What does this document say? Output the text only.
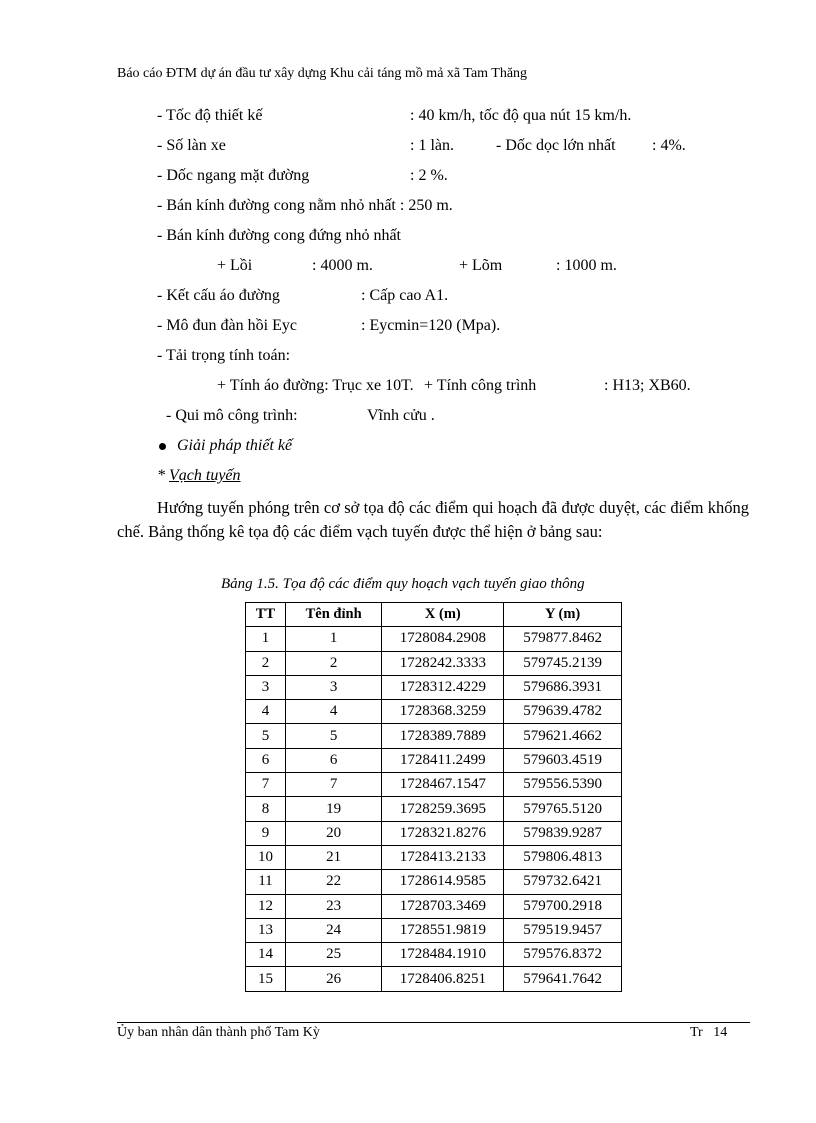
Báo cáo ĐTM dự án đầu tư xây dựng Khu cải táng mồ mả xã Tam Thăng
- Tốc độ thiết kế	: 40 km/h, tốc độ qua nút 15 km/h.
- Số làn xe	: 1 làn.	- Dốc dọc lớn nhất : 4%.
- Dốc ngang mặt đường	: 2 %.
- Bán kính đường cong nằm nhỏ nhất : 250 m.
- Bán kính đường cong đứng nhỏ nhất
+ Lồi	: 4000 m.	+ Lõm	: 1000 m.
- Kết cấu áo đường	: Cấp cao A1.
- Mô đun đàn hồi Eyc	: Eycmin=120 (Mpa).
- Tải trọng tính toán:
+ Tính áo đường: Trục xe 10T. + Tính công trình	: H13; XB60.
- Qui mô công trình:	Vĩnh cửu .
Giải pháp thiết kế
* Vạch tuyến
Hướng tuyến phóng trên cơ sở tọa độ các điểm qui hoạch đã được duyệt, các điểm khống chế. Bảng thống kê tọa độ các điểm vạch tuyến được thể hiện ở bảng sau:
Bảng 1.5. Tọa độ các điểm quy hoạch vạch tuyến giao thông
TT	Tên đỉnh	X (m)	Y (m)
1	1	1728084.2908	579877.8462
2	2	1728242.3333	579745.2139
3	3	1728312.4229	579686.3931
4	4	1728368.3259	579639.4782
5	5	1728389.7889	579621.4662
6	6	1728411.2499	579603.4519
7	7	1728467.1547	579556.5390
8	19	1728259.3695	579765.5120
9	20	1728321.8276	579839.9287
10	21	1728413.2133	579806.4813
11	22	1728614.9585	579732.6421
12	23	1728703.3469	579700.2918
13	24	1728551.9819	579519.9457
14	25	1728484.1910	579576.8372
15	26	1728406.8251	579641.7642
Ủy ban nhân dân thành phố Tam Kỳ	Tr 14
